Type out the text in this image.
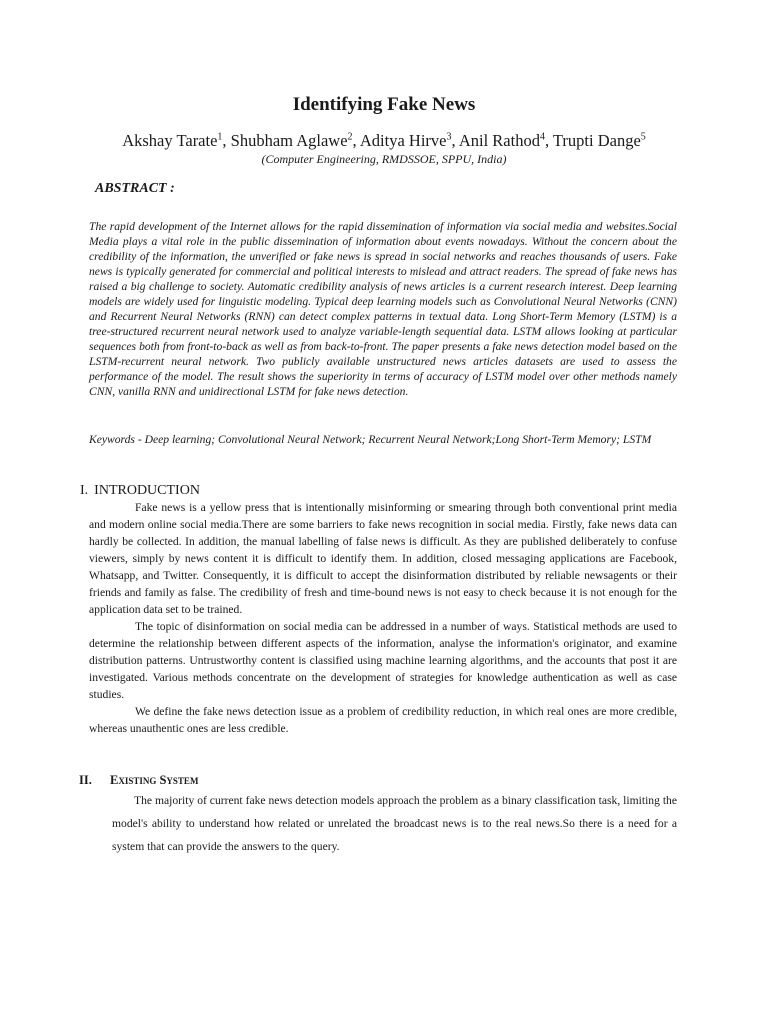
Identifying Fake News
Akshay Tarate$^1$, Shubham Aglawe$^2$, Aditya Hirve$^3$, Anil Rathod$^4$, Trupti Dange$^5$
(Computer Engineering, RMDSSOE, SPPU, India)
ABSTRACT :

The rapid development of the Internet allows for the rapid dissemination of information via social media and websites.Social Media plays a vital role in the public dissemination of information about events nowadays. Without the concern about the credibility of the information, the unverified or fake news is spread in social networks and reaches thousands of users. Fake news is typically generated for commercial and political interests to mislead and attract readers. The spread of fake news has raised a big challenge to society. Automatic credibility analysis of news articles is a current research interest. Deep learning models are widely used for linguistic modeling. Typical deep learning models such as Convolutional Neural Networks (CNN) and Recurrent Neural Networks (RNN) can detect complex patterns in textual data. Long Short-Term Memory (LSTM) is a tree-structured recurrent neural network used to analyze variable-length sequential data. LSTM allows looking at particular sequences both from front-to-back as well as from back-to-front. The paper presents a fake news detection model based on the LSTM-recurrent neural network. Two publicly available unstructured news articles datasets are used to assess the performance of the model. The result shows the superiority in terms of accuracy of LSTM model over other methods namely CNN, vanilla RNN and unidirectional LSTM for fake news detection.

Keywords - Deep learning; Convolutional Neural Network; Recurrent Neural Network;Long Short-Term Memory; LSTM

I. INTRODUCTION

Fake news is a yellow press that is intentionally misinforming or smearing through both conventional print media and modern online social media.There are some barriers to fake news recognition in social media. Firstly, fake news data can hardly be collected. In addition, the manual labelling of false news is difficult. As they are published deliberately to confuse viewers, simply by news content it is difficult to identify them. In addition, closed messaging applications are Facebook, Whatsapp, and Twitter. Consequently, it is difficult to accept the disinformation distributed by reliable newsagents or their friends and family as false. The credibility of fresh and time-bound news is not easy to check because it is not enough for the application data set to be trained.

The topic of disinformation on social media can be addressed in a number of ways. Statistical methods are used to determine the relationship between different aspects of the information, analyse the information's originator, and examine distribution patterns. Untrustworthy content is classified using machine learning algorithms, and the accounts that post it are investigated. Various methods concentrate on the development of strategies for knowledge authentication as well as case studies.

We define the fake news detection issue as a problem of credibility reduction, in which real ones are more credible, whereas unauthentic ones are less credible.

II. Existing System

The majority of current fake news detection models approach the problem as a binary classification task, limiting the model's ability to understand how related or unrelated the broadcast news is to the real news.So there is a need for a system that can provide the answers to the query.
